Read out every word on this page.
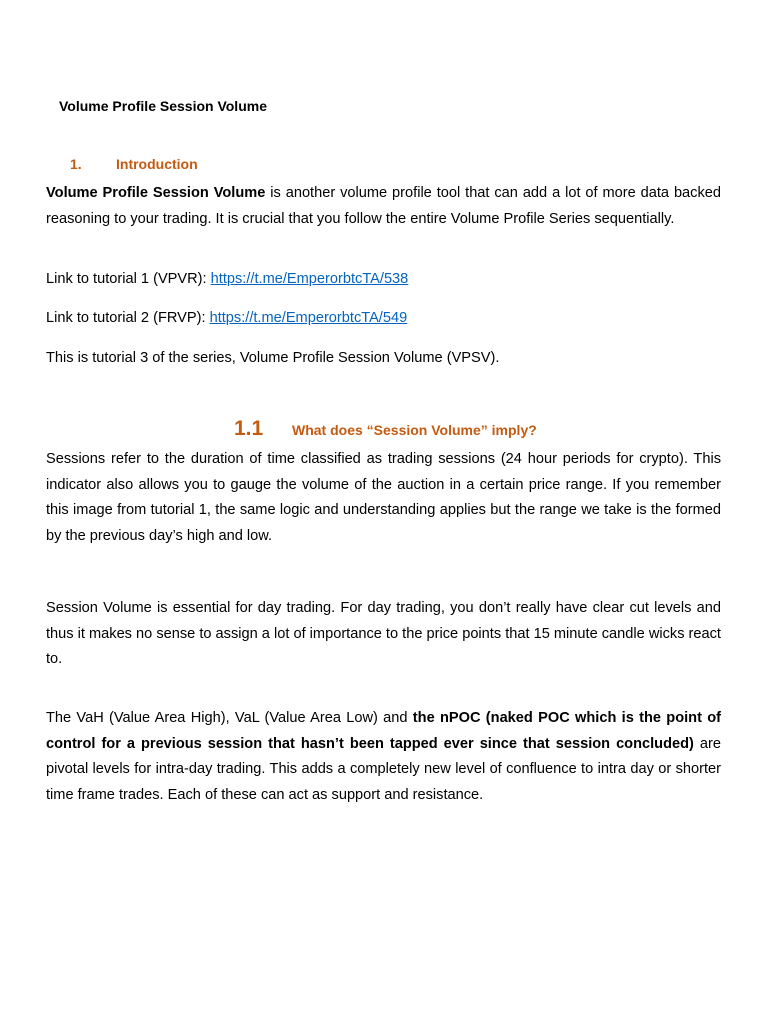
Volume Profile Session Volume
1. Introduction

Volume Profile Session Volume is another volume profile tool that can add a lot of more data backed reasoning to your trading. It is crucial that you follow the entire Volume Profile Series sequentially.

Link to tutorial 1 (VPVR): https://t.me/EmperorbtcTA/538

Link to tutorial 2 (FRVP): https://t.me/EmperorbtcTA/549

This is tutorial 3 of the series, Volume Profile Session Volume (VPSV).

1.1 What does “Session Volume” imply?

Sessions refer to the duration of time classified as trading sessions (24 hour periods for crypto). This indicator also allows you to gauge the volume of the auction in a certain price range. If you remember this image from tutorial 1, the same logic and understanding applies but the range we take is the formed by the previous day’s high and low.

Session Volume is essential for day trading. For day trading, you don’t really have clear cut levels and thus it makes no sense to assign a lot of importance to the price points that 15 minute candle wicks react to.

The VaH (Value Area High), VaL (Value Area Low) and the nPOC (naked POC which is the point of control for a previous session that hasn’t been tapped ever since that session concluded) are pivotal levels for intra-day trading. This adds a completely new level of confluence to intra day or shorter time frame trades. Each of these can act as support and resistance.
